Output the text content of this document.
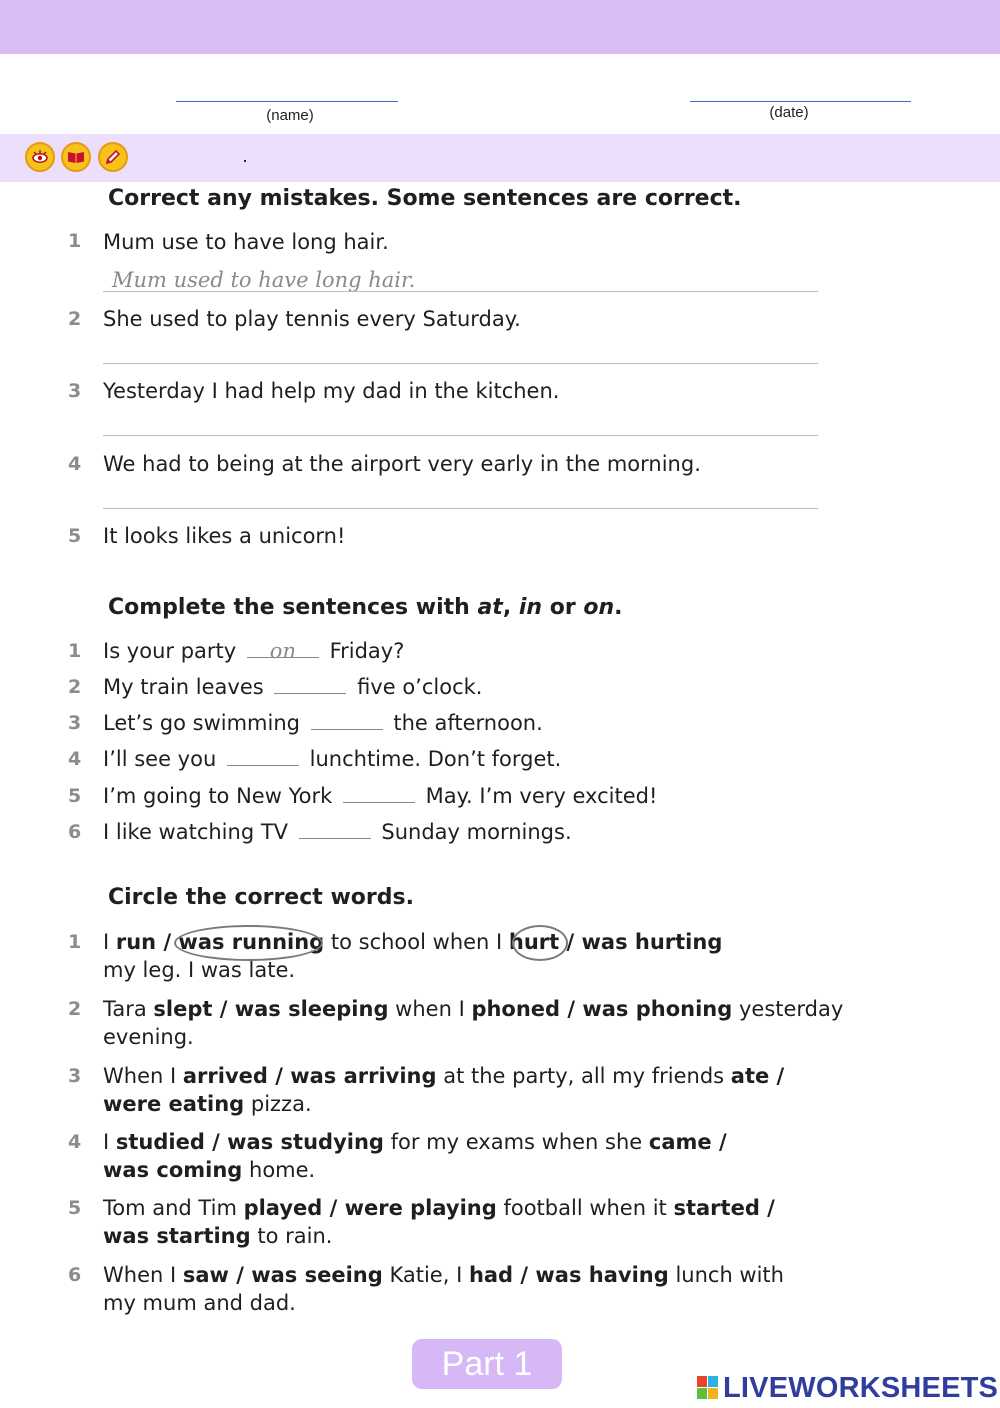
(name)	(date)
Correct any mistakes. Some sentences are correct.
1 Mum use to have long hair.
Mum used to have long hair.
2 She used to play tennis every Saturday.
3 Yesterday I had help my dad in the kitchen.
4 We had to being at the airport very early in the morning.
5 It looks likes a unicorn!
Complete the sentences with at, in or on.
1 Is your party on Friday?
2 My train leaves	five o’clock.
3 Let’s go swimming	the afternoon.
4 I’ll see you	lunchtime. Don’t forget.
5 I’m going to New York	May. I’m very excited!
6 I like watching TV	Sunday mornings.
Circle the correct words.
1 I run / was running to school when I hurt / was hurting
my leg. I was late.
2 Tara slept / was sleeping when I phoned / was phoning yesterday
evening.
3 When I arrived / was arriving at the party, all my friends ate /
were eating pizza.
4 I studied / was studying for my exams when she came /
was coming home.
5 Tom and Tim played / were playing football when it started /
was starting to rain.
6 When I saw / was seeing Katie, I had / was having lunch with
my mum and dad.
Part 1
LIVEWORKSHEETS
